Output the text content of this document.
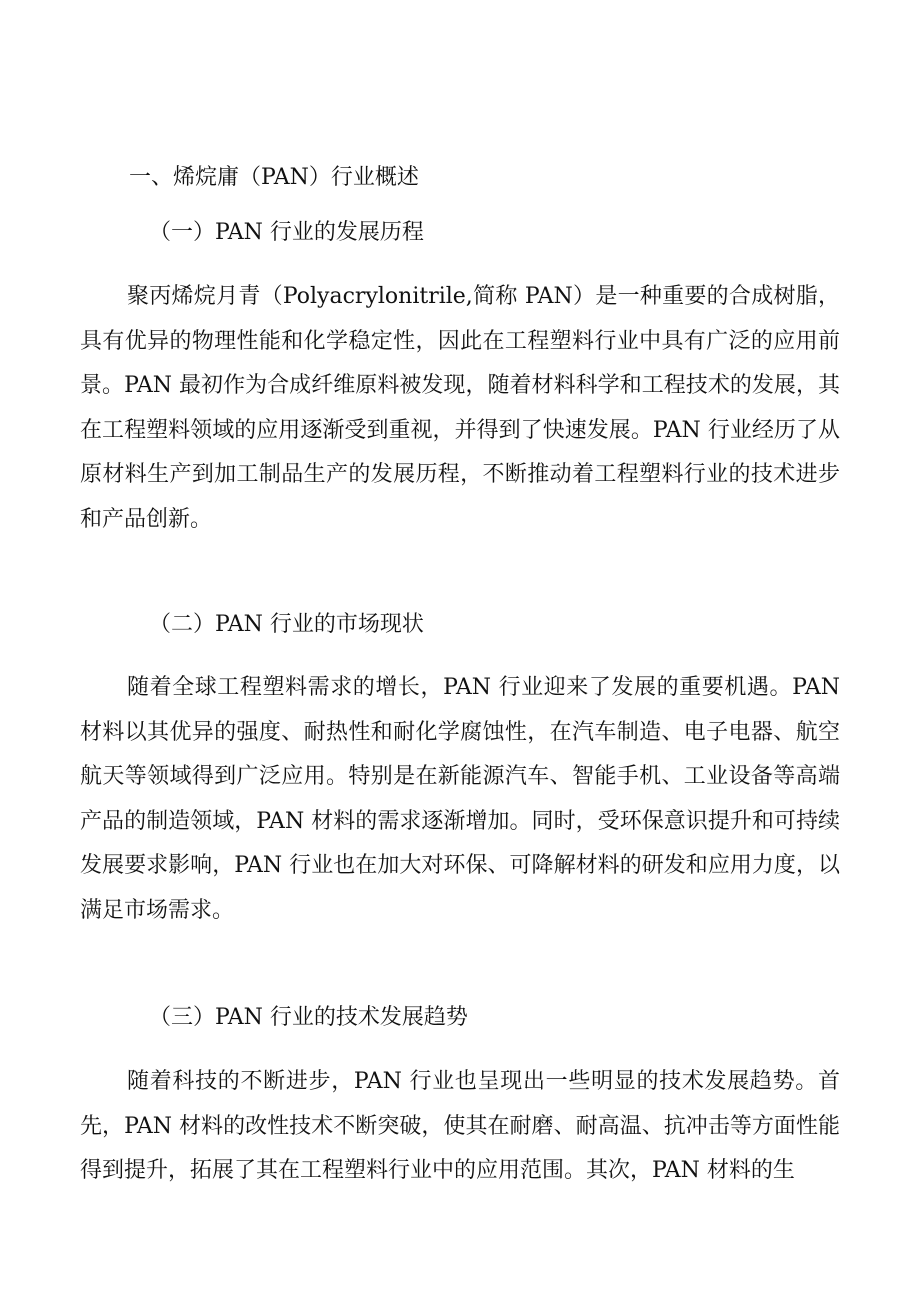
一、烯烷庸（PAN）行业概述
（一）PAN 行业的发展历程

聚丙烯烷月青（Polyacrylonitrile,简称 PAN）是一种重要的合成树脂，具有优异的物理性能和化学稳定性，因此在工程塑料行业中具有广泛的应用前景。PAN 最初作为合成纤维原料被发现，随着材料科学和工程技术的发展，其在工程塑料领域的应用逐渐受到重视，并得到了快速发展。PAN 行业经历了从原材料生产到加工制品生产的发展历程，不断推动着工程塑料行业的技术进步和产品创新。

（二）PAN 行业的市场现状

随着全球工程塑料需求的增长，PAN 行业迎来了发展的重要机遇。PAN 材料以其优异的强度、耐热性和耐化学腐蚀性，在汽车制造、电子电器、航空航天等领域得到广泛应用。特别是在新能源汽车、智能手机、工业设备等高端产品的制造领域，PAN 材料的需求逐渐增加。同时，受环保意识提升和可持续发展要求影响，PAN 行业也在加大对环保、可降解材料的研发和应用力度，以满足市场需求。

（三）PAN 行业的技术发展趋势

随着科技的不断进步，PAN 行业也呈现出一些明显的技术发展趋势。首先，PAN 材料的改性技术不断突破，使其在耐磨、耐高温、抗冲击等方面性能得到提升，拓展了其在工程塑料行业中的应用范围。其次，PAN 材料的生
